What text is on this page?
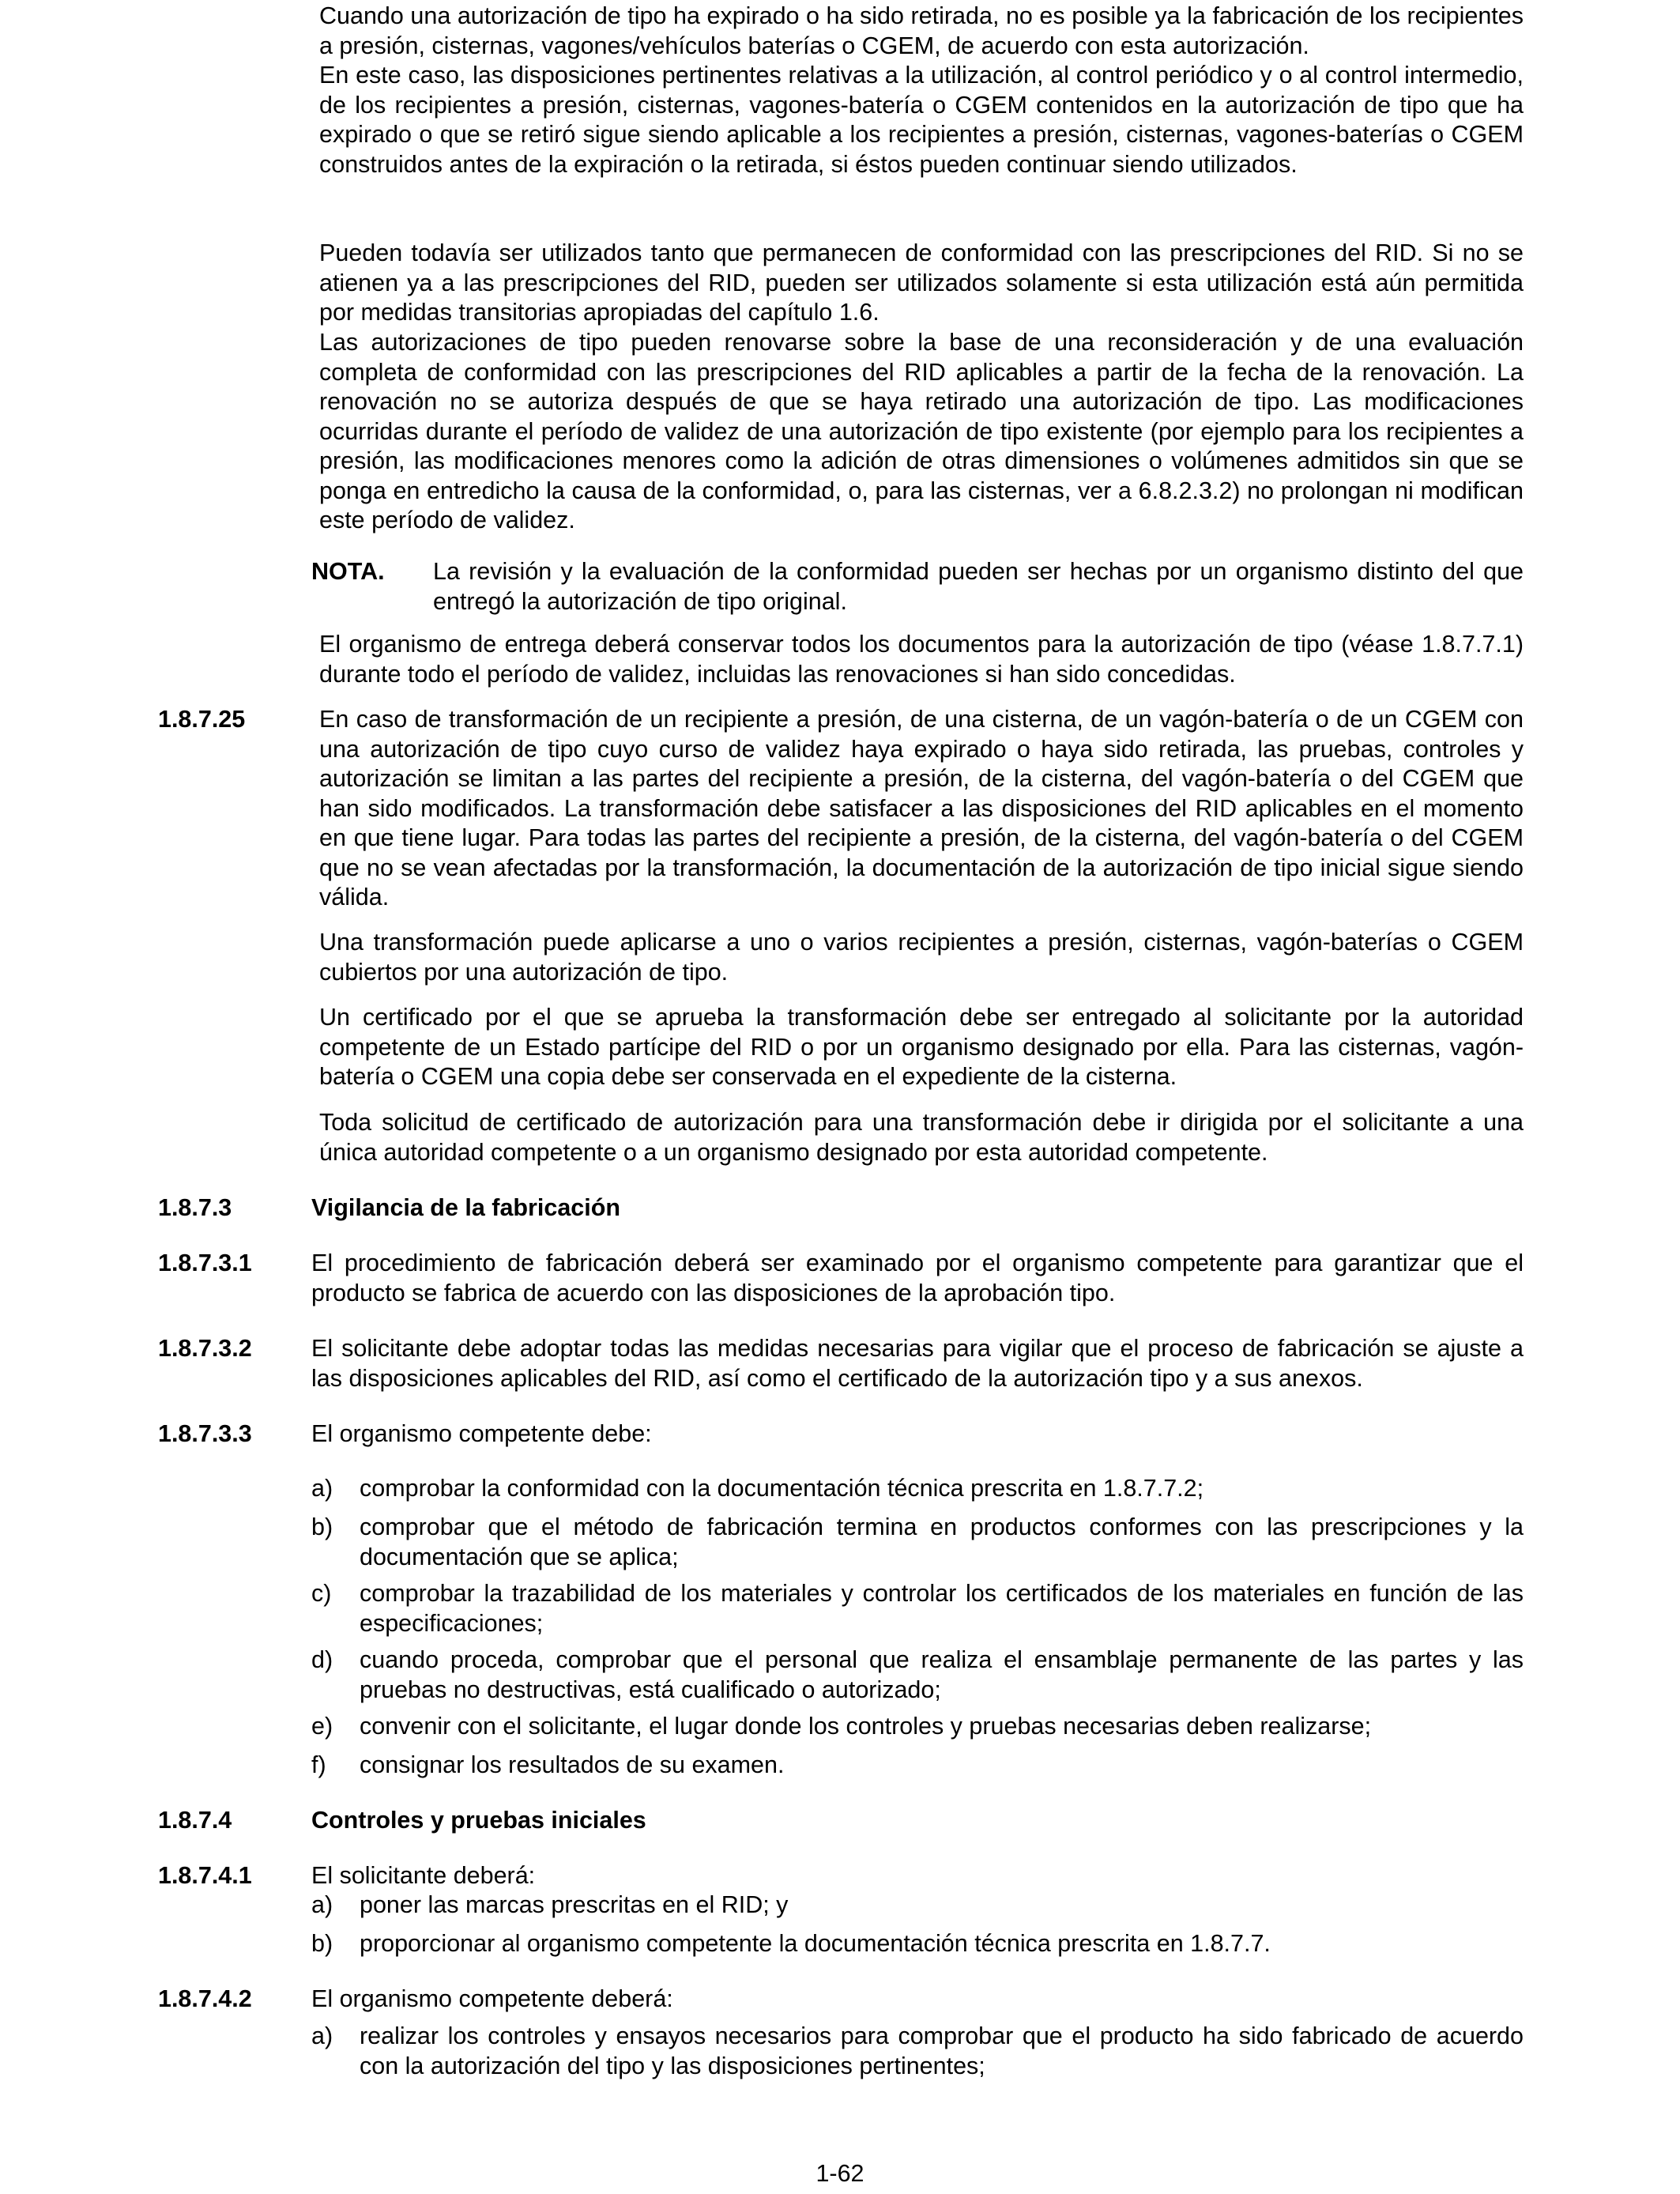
Cuando una autorización de tipo ha expirado o ha sido retirada, no es posible ya la fabricación de los recipientes a presión, cisternas, vagones/vehículos baterías o CGEM, de acuerdo con esta autorización.

En este caso, las disposiciones pertinentes relativas a la utilización, al control periódico y o al control intermedio, de los recipientes a presión, cisternas, vagones-batería o CGEM contenidos en la autorización de tipo que ha expirado o que se retiró sigue siendo aplicable a los recipientes a presión, cisternas, vagones-baterías o CGEM construidos antes de la expiración o la retirada, si éstos pueden continuar siendo utilizados.

Pueden todavía ser utilizados tanto que permanecen de conformidad con las prescripciones del RID. Si no se atienen ya a las prescripciones del RID, pueden ser utilizados solamente si esta utilización está aún permitida por medidas transitorias apropiadas del capítulo 1.6.

Las autorizaciones de tipo pueden renovarse sobre la base de una reconsideración y de una evaluación completa de conformidad con las prescripciones del RID aplicables a partir de la fecha de la renovación. La renovación no se autoriza después de que se haya retirado una autorización de tipo. Las modificaciones ocurridas durante el período de validez de una autorización de tipo existente (por ejemplo para los recipientes a presión, las modificaciones menores como la adición de otras dimensiones o volúmenes admitidos sin que se ponga en entredicho la causa de la conformidad, o, para las cisternas, ver a 6.8.2.3.2) no prolongan ni modifican este período de validez.

NOTA. La revisión y la evaluación de la conformidad pueden ser hechas por un organismo distinto del que entregó la autorización de tipo original.

El organismo de entrega deberá conservar todos los documentos para la autorización de tipo (véase 1.8.7.7.1) durante todo el período de validez, incluidas las renovaciones si han sido concedidas.

1.8.7.25	En caso de transformación de un recipiente a presión, de una cisterna, de un vagón-batería o de un CGEM con una autorización de tipo cuyo curso de validez haya expirado o haya sido retirada, las pruebas, controles y autorización se limitan a las partes del recipiente a presión, de la cisterna, del vagón-batería o del CGEM que han sido modificados. La transformación debe satisfacer a las disposiciones del RID aplicables en el momento en que tiene lugar. Para todas las partes del recipiente a presión, de la cisterna, del vagón-batería o del CGEM que no se vean afectadas por la transformación, la documentación de la autorización de tipo inicial sigue siendo válida.

Una transformación puede aplicarse a uno o varios recipientes a presión, cisternas, vagón-baterías o CGEM cubiertos por una autorización de tipo.

Un certificado por el que se aprueba la transformación debe ser entregado al solicitante por la autoridad competente de un Estado partícipe del RID o por un organismo designado por ella. Para las cisternas, vagón-batería o CGEM una copia debe ser conservada en el expediente de la cisterna.

Toda solicitud de certificado de autorización para una transformación debe ir dirigida por el solicitante a una única autoridad competente o a un organismo designado por esta autoridad competente.

1.8.7.3	Vigilancia de la fabricación

1.8.7.3.1 El procedimiento de fabricación deberá ser examinado por el organismo competente para garantizar que el producto se fabrica de acuerdo con las disposiciones de la aprobación tipo.

1.8.7.3.2 El solicitante debe adoptar todas las medidas necesarias para vigilar que el proceso de fabricación se ajuste a las disposiciones aplicables del RID, así como el certificado de la autorización tipo y a sus anexos.

1.8.7.3.3 El organismo competente debe:

a) comprobar la conformidad con la documentación técnica prescrita en 1.8.7.7.2;

b) comprobar que el método de fabricación termina en productos conformes con las prescripciones y la documentación que se aplica;

c) comprobar la trazabilidad de los materiales y controlar los certificados de los materiales en función de las especificaciones;

d) cuando proceda, comprobar que el personal que realiza el ensamblaje permanente de las partes y las pruebas no destructivas, está cualificado o autorizado;

e) convenir con el solicitante, el lugar donde los controles y pruebas necesarias deben realizarse;

f) consignar los resultados de su examen.

1.8.7.4	Controles y pruebas iniciales

1.8.7.4.1 El solicitante deberá:

a) poner las marcas prescritas en el RID; y

b) proporcionar al organismo competente la documentación técnica prescrita en 1.8.7.7.

1.8.7.4.2 El organismo competente deberá:

a) realizar los controles y ensayos necesarios para comprobar que el producto ha sido fabricado de acuerdo con la autorización del tipo y las disposiciones pertinentes;

1-62
